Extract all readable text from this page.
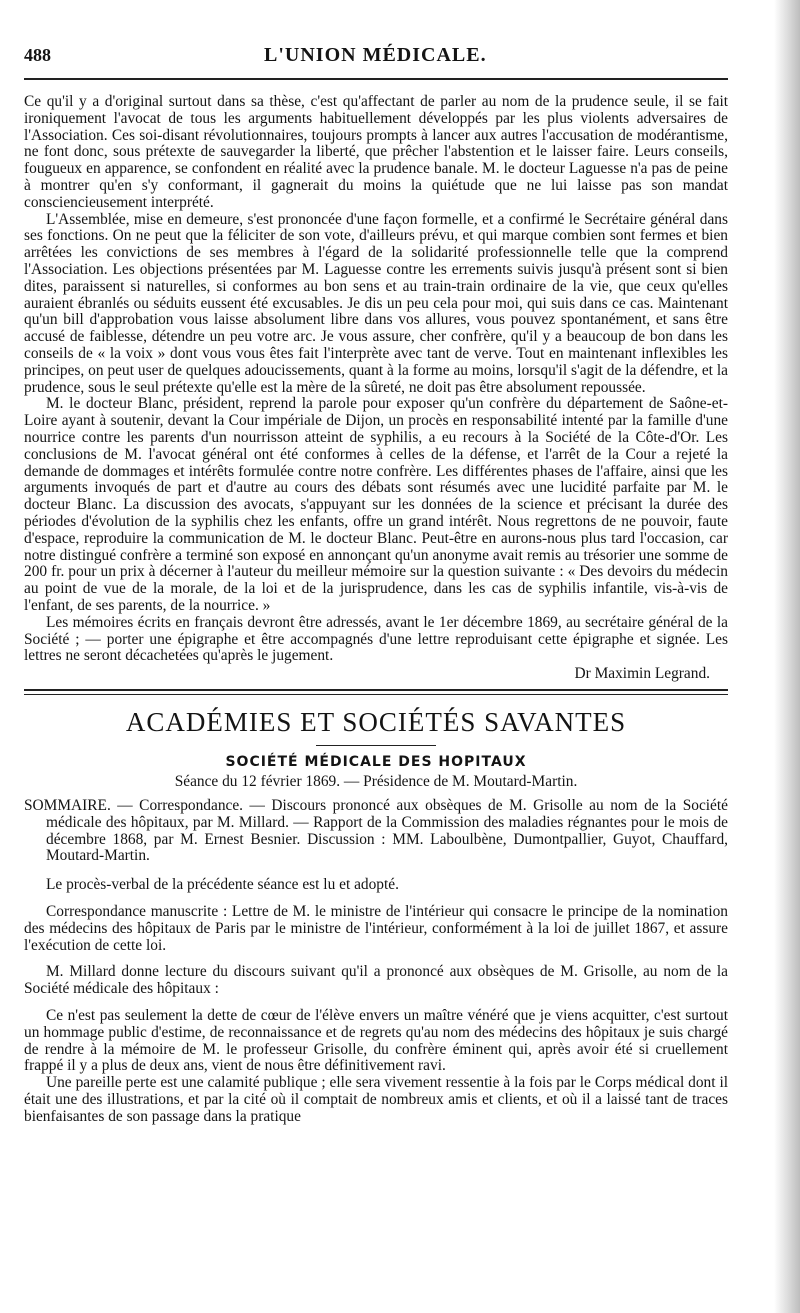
488	L'UNION MÉDICALE.

Ce qu'il y a d'original surtout dans sa thèse, c'est qu'affectant de parler au nom de la prudence seule, il se fait ironiquement l'avocat de tous les arguments habituellement développés par les plus violents adversaires de l'Association. Ces soi-disant révolutionnaires, toujours prompts à lancer aux autres l'accusation de modérantisme, ne font donc, sous prétexte de sauvegarder la liberté, que prêcher l'abstention et le laisser faire. Leurs conseils, fougueux en apparence, se confondent en réalité avec la prudence banale. M. le docteur Laguesse n'a pas de peine à montrer qu'en s'y conformant, il gagnerait du moins la quiétude que ne lui laisse pas son mandat consciencieusement interprété.

L'Assemblée, mise en demeure, s'est prononcée d'une façon formelle, et a confirmé le Secrétaire général dans ses fonctions. On ne peut que la féliciter de son vote, d'ailleurs prévu, et qui marque combien sont fermes et bien arrêtées les convictions de ses membres à l'égard de la solidarité professionnelle telle que la comprend l'Association. Les objections présentées par M. Laguesse contre les errements suivis jusqu'à présent sont si bien dites, paraissent si naturelles, si conformes au bon sens et au train-train ordinaire de la vie, que ceux qu'elles auraient ébranlés ou séduits eussent été excusables. Je dis un peu cela pour moi, qui suis dans ce cas. Maintenant qu'un bill d'approbation vous laisse absolument libre dans vos allures, vous pouvez spontanément, et sans être accusé de faiblesse, détendre un peu votre arc. Je vous assure, cher confrère, qu'il y a beaucoup de bon dans les conseils de « la voix » dont vous vous êtes fait l'interprète avec tant de verve. Tout en maintenant inflexibles les principes, on peut user de quelques adoucissements, quant à la forme au moins, lorsqu'il s'agit de la défendre, et la prudence, sous le seul prétexte qu'elle est la mère de la sûreté, ne doit pas être absolument repoussée.

M. le docteur Blanc, président, reprend la parole pour exposer qu'un confrère du département de Saône-et-Loire ayant à soutenir, devant la Cour impériale de Dijon, un procès en responsabilité intenté par la famille d'une nourrice contre les parents d'un nourrisson atteint de syphilis, a eu recours à la Société de la Côte-d'Or. Les conclusions de M. l'avocat général ont été conformes à celles de la défense, et l'arrêt de la Cour a rejeté la demande de dommages et intérêts formulée contre notre confrère. Les différentes phases de l'affaire, ainsi que les arguments invoqués de part et d'autre au cours des débats sont résumés avec une lucidité parfaite par M. le docteur Blanc. La discussion des avocats, s'appuyant sur les données de la science et précisant la durée des périodes d'évolution de la syphilis chez les enfants, offre un grand intérêt. Nous regrettons de ne pouvoir, faute d'espace, reproduire la communication de M. le docteur Blanc. Peut-être en aurons-nous plus tard l'occasion, car notre distingué confrère a terminé son exposé en annonçant qu'un anonyme avait remis au trésorier une somme de 200 fr. pour un prix à décerner à l'auteur du meilleur mémoire sur la question suivante : « Des devoirs du médecin au point de vue de la morale, de la loi et de la jurisprudence, dans les cas de syphilis infantile, vis-à-vis de l'enfant, de ses parents, de la nourrice. »

Les mémoires écrits en français devront être adressés, avant le 1er décembre 1869, au secrétaire général de la Société ; — porter une épigraphe et être accompagnés d'une lettre reproduisant cette épigraphe et signée. Les lettres ne seront décachetées qu'après le jugement.

Dr Maximin Legrand.
ACADÉMIES ET SOCIÉTÉS SAVANTES
SOCIÉTÉ MÉDICALE DES HOPITAUX
Séance du 12 février 1869. — Présidence de M. Moutard-Martin.
SOMMAIRE. — Correspondance. — Discours prononcé aux obsèques de M. Grisolle au nom de la Société médicale des hôpitaux, par M. Millard. — Rapport de la Commission des maladies régnantes pour le mois de décembre 1868, par M. Ernest Besnier. Discussion : MM. Laboulbène, Dumontpallier, Guyot, Chauffard, Moutard-Martin.

Le procès-verbal de la précédente séance est lu et adopté.

Correspondance manuscrite : Lettre de M. le ministre de l'intérieur qui consacre le principe de la nomination des médecins des hôpitaux de Paris par le ministre de l'intérieur, conformément à la loi de juillet 1867, et assure l'exécution de cette loi.

M. Millard donne lecture du discours suivant qu'il a prononcé aux obsèques de M. Grisolle, au nom de la Société médicale des hôpitaux :

Ce n'est pas seulement la dette de cœur de l'élève envers un maître vénéré que je viens acquitter, c'est surtout un hommage public d'estime, de reconnaissance et de regrets qu'au nom des médecins des hôpitaux je suis chargé de rendre à la mémoire de M. le professeur Grisolle, du confrère éminent qui, après avoir été si cruellement frappé il y a plus de deux ans, vient de nous être définitivement ravi.

Une pareille perte est une calamité publique ; elle sera vivement ressentie à la fois par le Corps médical dont il était une des illustrations, et par la cité où il comptait de nombreux amis et clients, et où il a laissé tant de traces bienfaisantes de son passage dans la pratique
